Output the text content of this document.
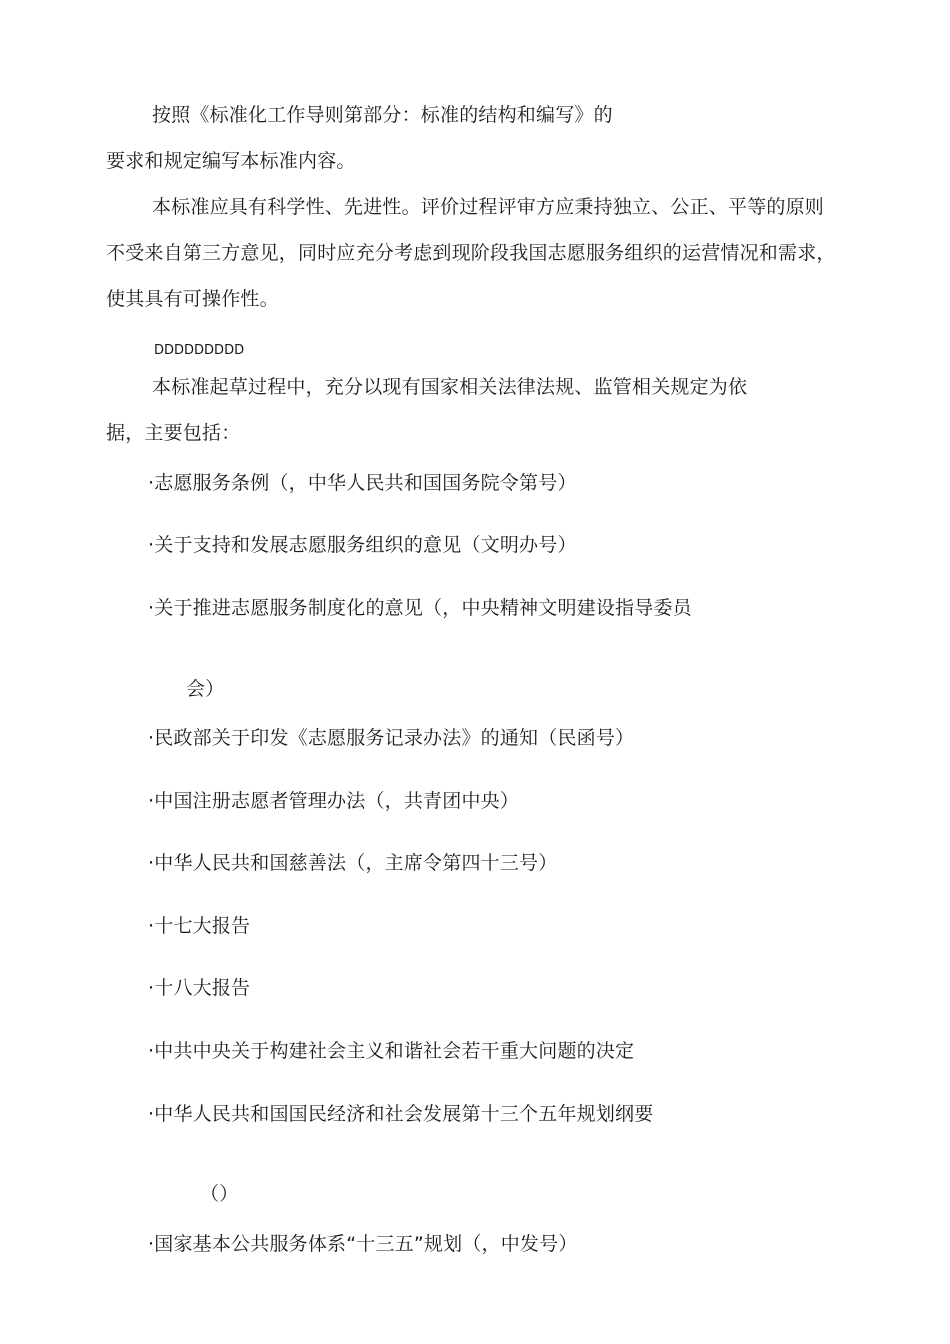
按照《标准化工作导则第部分：标准的结构和编写》的
要求和规定编写本标准内容。
本标准应具有科学性、先进性。评价过程评审方应秉持独立、公正、平等的原则
不受来自第三方意见，同时应充分考虑到现阶段我国志愿服务组织的运营情况和需求，
使其具有可操作性。
DDDDDDDDD
本标准起草过程中，充分以现有国家相关法律法规、监管相关规定为依
据，主要包括：
·志愿服务条例（，中华人民共和国国务院令第号）
·关于支持和发展志愿服务组织的意见（文明办号）
·关于推进志愿服务制度化的意见（，中央精神文明建设指导委员
会）
·民政部关于印发《志愿服务记录办法》的通知（民函号）
·中国注册志愿者管理办法（，共青团中央）
·中华人民共和国慈善法（，主席令第四十三号）
·十七大报告
·十八大报告
·中共中央关于构建社会主义和谐社会若干重大问题的决定
·中华人民共和国国民经济和社会发展第十三个五年规划纲要
（）
·国家基本公共服务体系“十三五”规划（，中发号）
